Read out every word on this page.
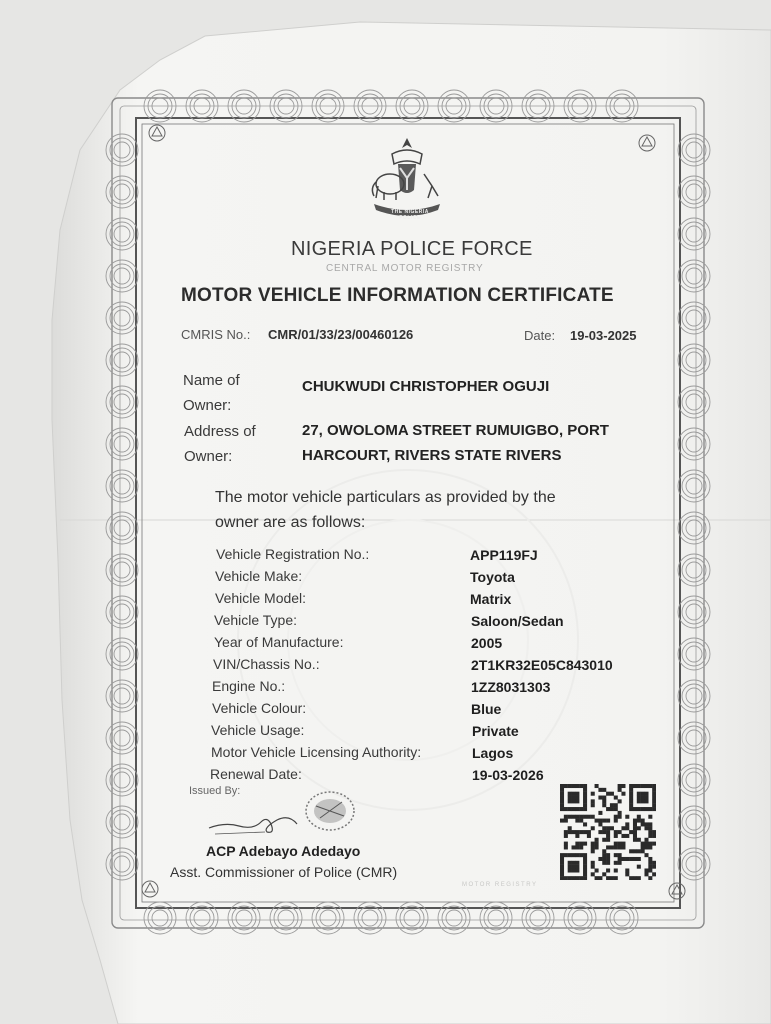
THE NIGERIA POLICE
NIGERIA POLICE FORCE
CENTRAL MOTOR REGISTRY
MOTOR VEHICLE INFORMATION CERTIFICATE
CMRIS No.: CMR/01/33/23/00460126	Date: 19-03-2025
Name of
Owner:
CHUKWUDI CHRISTOPHER OGUJI
Address of
Owner:
27, OWOLOMA STREET RUMUIGBO, PORT
HARCOURT, RIVERS STATE RIVERS
The motor vehicle particulars as provided by the
owner are as follows:
Vehicle Registration No.:	APP119FJ
Vehicle Make:	Toyota
Vehicle Model:	Matrix
Vehicle Type:	Saloon/Sedan
Year of Manufacture:	2005
VIN/Chassis No.:	2T1KR32E05C843010
Engine No.:	1ZZ8031303
Vehicle Colour:	Blue
Vehicle Usage:	Private
Motor Vehicle Licensing Authority:	Lagos
Renewal Date:	19-03-2026
Issued By:
ACP Adebayo Adedayo
Asst. Commissioner of Police (CMR)
MOTOR REGISTRY
